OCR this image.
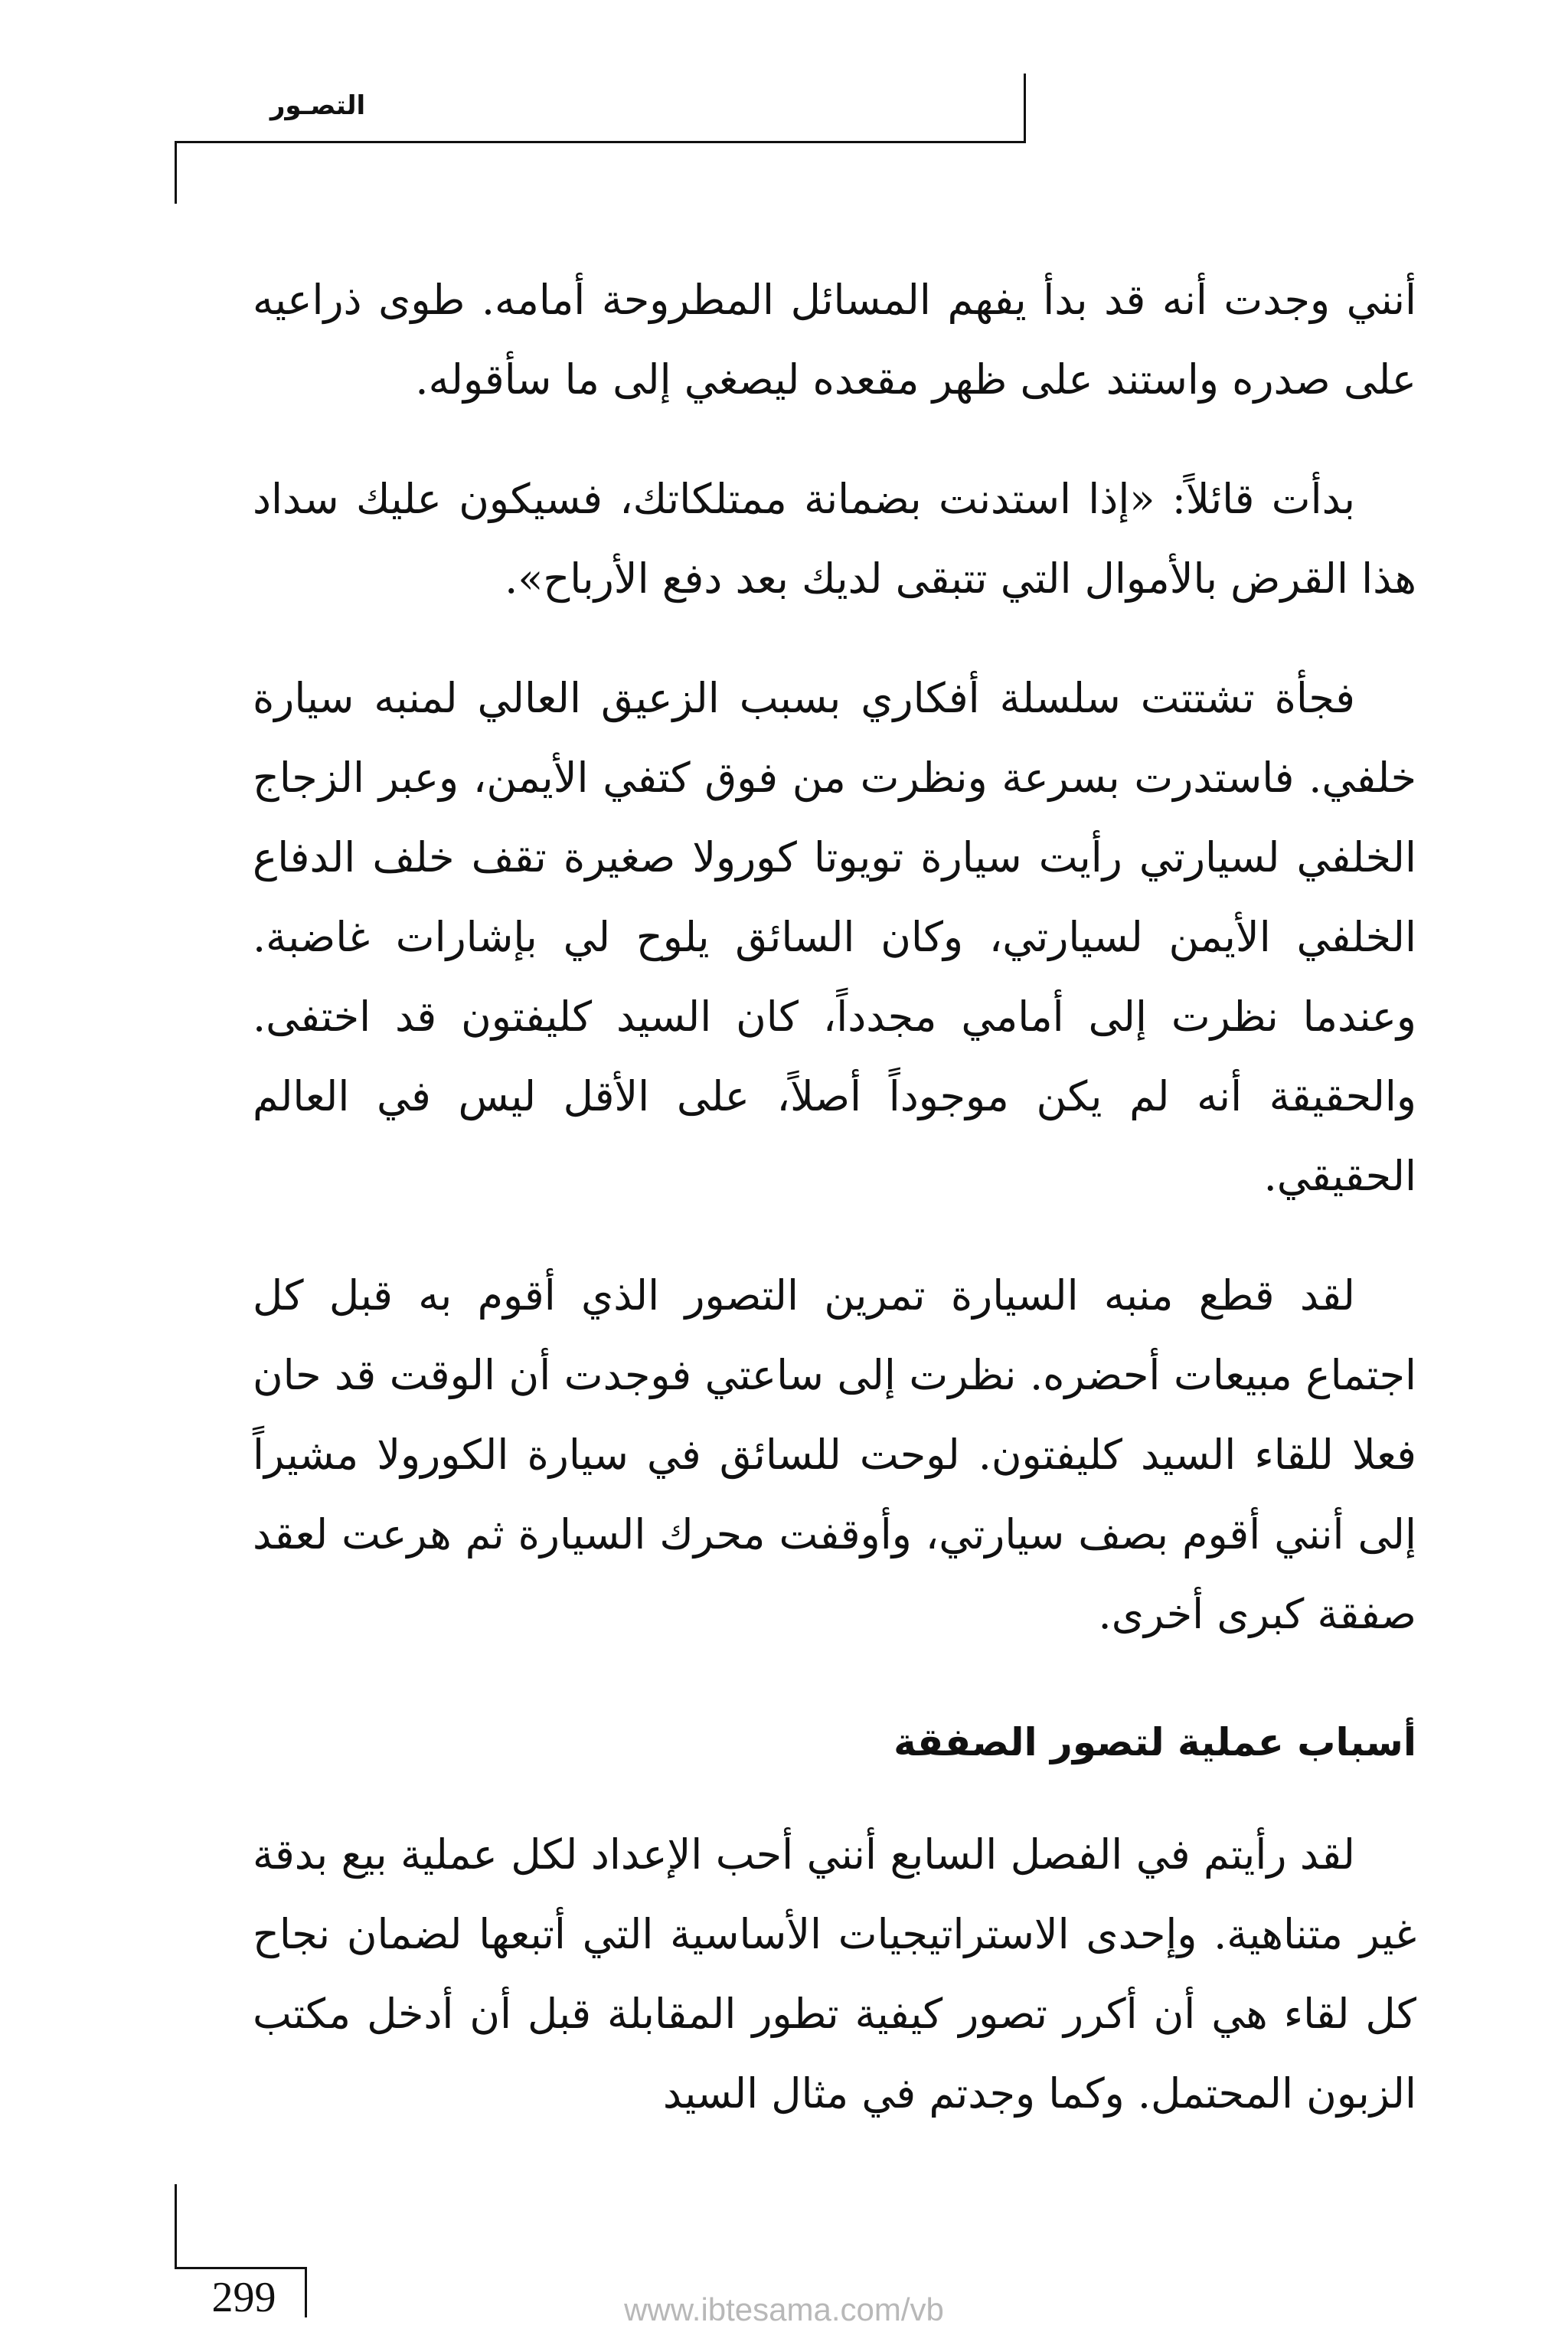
التصـور

أنني وجدت أنه قد بدأ يفهم المسائل المطروحة أمامه. طوى ذراعيه على صدره واستند على ظهر مقعده ليصغي إلى ما سأقوله.

بدأت قائلاً: «إذا استدنت بضمانة ممتلكاتك، فسيكون عليك سداد هذا القرض بالأموال التي تتبقى لديك بعد دفع الأرباح».

فجأة تشتتت سلسلة أفكاري بسبب الزعيق العالي لمنبه سيارة خلفي. فاستدرت بسرعة ونظرت من فوق كتفي الأيمن، وعبر الزجاج الخلفي لسيارتي رأيت سيارة تويوتا كورولا صغيرة تقف خلف الدفاع الخلفي الأيمن لسيارتي، وكان السائق يلوح لي بإشارات غاضبة. وعندما نظرت إلى أمامي مجدداً، كان السيد كليفتون قد اختفى. والحقيقة أنه لم يكن موجوداً أصلاً، على الأقل ليس في العالم الحقيقي.

لقد قطع منبه السيارة تمرين التصور الذي أقوم به قبل كل اجتماع مبيعات أحضره. نظرت إلى ساعتي فوجدت أن الوقت قد حان فعلا للقاء السيد كليفتون. لوحت للسائق في سيارة الكورولا مشيراً إلى أنني أقوم بصف سيارتي، وأوقفت محرك السيارة ثم هرعت لعقد صفقة كبرى أخرى.

أسباب عملية لتصور الصفقة

لقد رأيتم في الفصل السابع أنني أحب الإعداد لكل عملية بيع بدقة غير متناهية. وإحدى الاستراتيجيات الأساسية التي أتبعها لضمان نجاح كل لقاء هي أن أكرر تصور كيفية تطور المقابلة قبل أن أدخل مكتب الزبون المحتمل. وكما وجدتم في مثال السيد

299	www.ibtesama.com/vb
